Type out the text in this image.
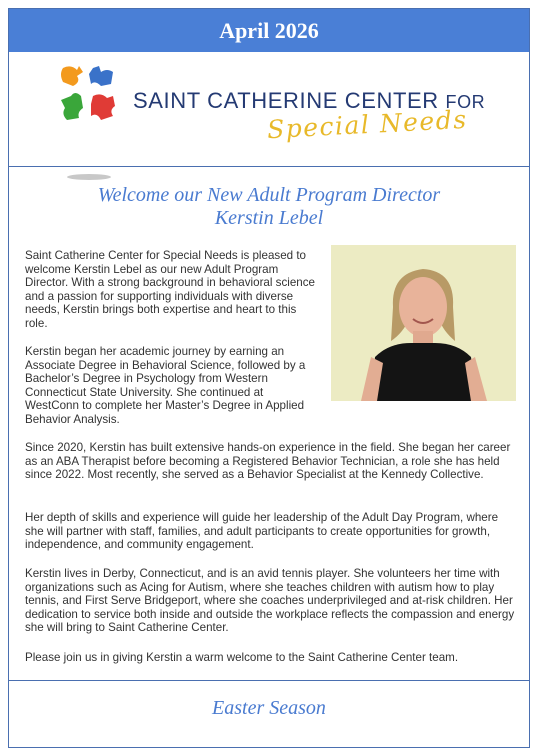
April 2026
SAINT CATHERINE CENTER FOR
Special Needs
Welcome our New Adult Program Director
Kerstin Lebel

Saint Catherine Center for Special Needs is pleased to welcome Kerstin Lebel as our new Adult Program Director. With a strong background in behavioral science and a passion for supporting individuals with diverse needs, Kerstin brings both expertise and heart to this role.

Kerstin began her academic journey by earning an Associate Degree in Behavioral Science, followed by a Bachelor’s Degree in Psychology from Western Connecticut State University. She continued at WestConn to complete her Master’s Degree in Applied Behavior Analysis.

Since 2020, Kerstin has built extensive hands-on experience in the field. She began her career as an ABA Therapist before becoming a Registered Behavior Technician, a role she has held since 2022. Most recently, she served as a Behavior Specialist at the Kennedy Collective.

Her depth of skills and experience will guide her leadership of the Adult Day Program, where she will partner with staff, families, and adult participants to create opportunities for growth, independence, and community engagement.

Kerstin lives in Derby, Connecticut, and is an avid tennis player. She volunteers her time with organizations such as Acing for Autism, where she teaches children with autism how to play tennis, and First Serve Bridgeport, where she coaches underprivileged and at-risk children. Her dedication to service both inside and outside the workplace reflects the compassion and energy she will bring to Saint Catherine Center.

Please join us in giving Kerstin a warm welcome to the Saint Catherine Center team.

Easter Season
